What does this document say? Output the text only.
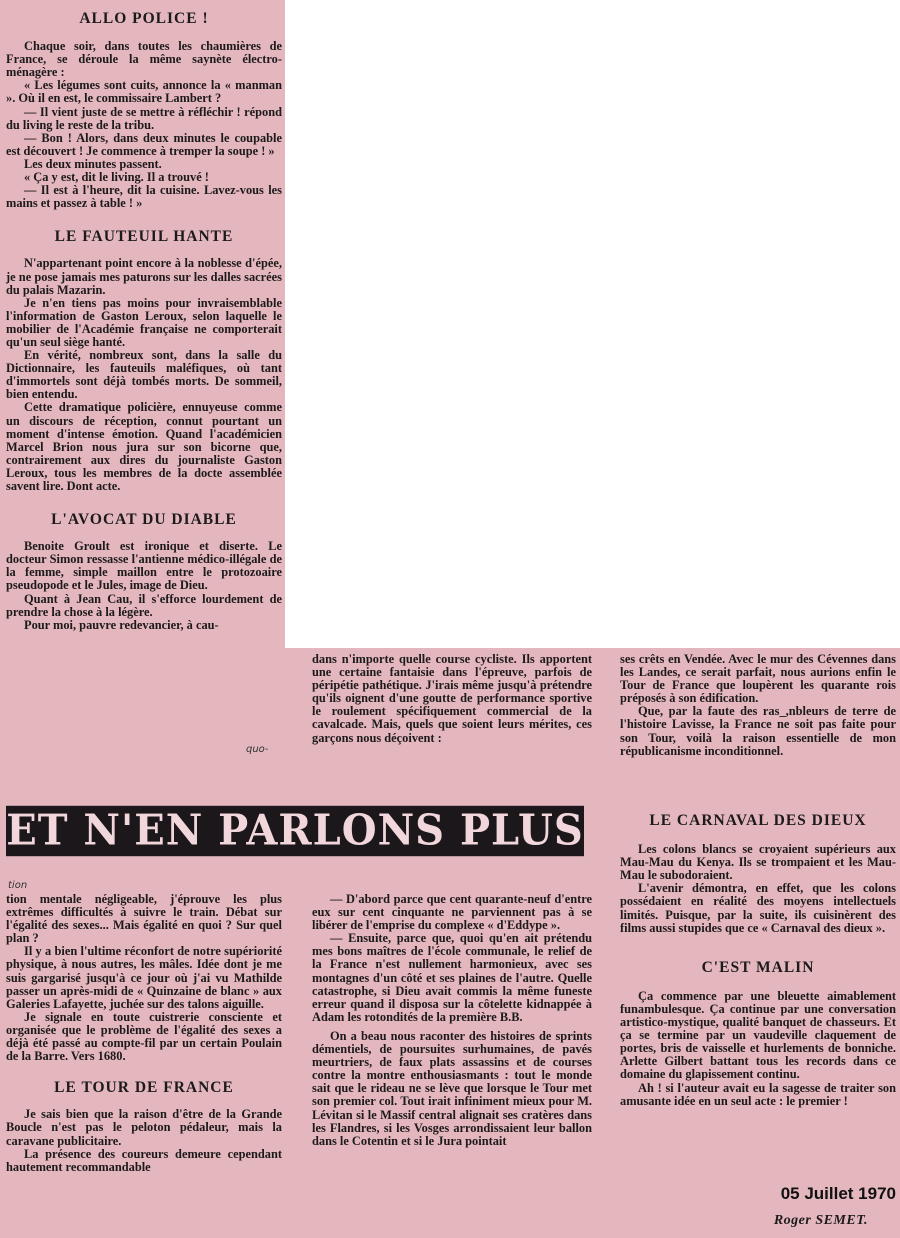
ALLO POLICE !

Chaque soir, dans toutes les chaumières de France, se déroule la même saynète électro-ménagère :

« Les légumes sont cuits, annonce la « manman ». Où il en est, le commissaire Lambert ?

— Il vient juste de se mettre à réfléchir ! répond du living le reste de la tribu.

— Bon ! Alors, dans deux minutes le coupable est découvert ! Je commence à tremper la soupe ! »

Les deux minutes passent.

« Ça y est, dit le living. Il a trouvé !

— Il est à l'heure, dit la cuisine. Lavez-vous les mains et passez à table ! »

LE FAUTEUIL HANTE

N'appartenant point encore à la noblesse d'épée, je ne pose jamais mes paturons sur les dalles sacrées du palais Mazarin.

Je n'en tiens pas moins pour invraisemblable l'information de Gaston Leroux, selon laquelle le mobilier de l'Académie française ne comporterait qu'un seul siège hanté.

En vérité, nombreux sont, dans la salle du Dictionnaire, les fauteuils maléfiques, où tant d'immortels sont déjà tombés morts. De sommeil, bien entendu.

Cette dramatique policière, ennuyeuse comme un discours de réception, connut pourtant un moment d'intense émotion. Quand l'académicien Marcel Brion nous jura sur son bicorne que, contrairement aux dires du journaliste Gaston Leroux, tous les membres de la docte assemblée savent lire. Dont acte.

L'AVOCAT DU DIABLE

Benoite Groult est ironique et diserte. Le docteur Simon ressasse l'antienne médico-illégale de la femme, simple maillon entre le protozoaire pseudopode et le Jules, image de Dieu.

Quant à Jean Cau, il s'efforce lourdement de prendre la chose à la légère.

Pour moi, pauvre redevancier, à cau-

quo-

dans n'importe quelle course cycliste. Ils apportent une certaine fantaisie dans l'épreuve, parfois de péripétie pathétique. J'irais même jusqu'à prétendre qu'ils oignent d'une goutte de performance sportive le roulement spécifiquement commercial de la cavalcade. Mais, quels que soient leurs mérites, ces garçons nous déçoivent :

ses crêts en Vendée. Avec le mur des Cévennes dans les Landes, ce serait parfait, nous aurions enfin le Tour de France que loupèrent les quarante rois préposés à son édification.

Que, par la faute des ras_,nbleurs de terre de l'histoire Lavisse, la France ne soit pas faite pour son Tour, voilà la raison essentielle de mon républicanisme inconditionnel.

ET N'EN PARLONS PLUS
tion

tion mentale négligeable, j'éprouve les plus extrêmes difficultés à suivre le train. Débat sur l'égalité des sexes... Mais égalité en quoi ? Sur quel plan ?

Il y a bien l'ultime réconfort de notre supériorité physique, à nous autres, les mâles. Idée dont je me suis gargarisé jusqu'à ce jour où j'ai vu Mathilde passer un après-midi de « Quinzaine de blanc » aux Galeries Lafayette, juchée sur des talons aiguille.

Je signale en toute cuistrerie consciente et organisée que le problème de l'égalité des sexes a déjà été passé au compte-fil par un certain Poulain de la Barre. Vers 1680.

LE TOUR DE FRANCE

Je sais bien que la raison d'être de la Grande Boucle n'est pas le peloton pédaleur, mais la caravane publicitaire.

La présence des coureurs demeure cependant hautement recommandable

— D'abord parce que cent quarante-neuf d'entre eux sur cent cinquante ne parviennent pas à se libérer de l'emprise du complexe « d'Eddype ».

— Ensuite, parce que, quoi qu'en ait prétendu mes bons maîtres de l'école communale, le relief de la France n'est nullement harmonieux, avec ses montagnes d'un côté et ses plaines de l'autre. Quelle catastrophe, si Dieu avait commis la même funeste erreur quand il disposa sur la côtelette kidnappée à Adam les rotondités de la première B.B.

On a beau nous raconter des histoires de sprints démentiels, de poursuites surhumaines, de pavés meurtriers, de faux plats assassins et de courses contre la montre enthousiasmants : tout le monde sait que le rideau ne se lève que lorsque le Tour met son premier col. Tout irait infiniment mieux pour M. Lévitan si le Massif central alignait ses cratères dans les Flandres, si les Vosges arrondissaient leur ballon dans le Cotentin et si le Jura pointait

LE CARNAVAL DES DIEUX

Les colons blancs se croyaient supérieurs aux Mau-Mau du Kenya. Ils se trompaient et les Mau-Mau le subodoraient.

L'avenir démontra, en effet, que les colons possédaient en réalité des moyens intellectuels limités. Puisque, par la suite, ils cuisinèrent des films aussi stupides que ce « Carnaval des dieux ».

C'EST MALIN

Ça commence par une bleuette aimablement funambulesque. Ça continue par une conversation artistico-mystique, qualité banquet de chasseurs. Et ça se termine par un vaudeville claquement de portes, bris de vaisselle et hurlements de bonniche. Arlette Gilbert battant tous les records dans ce domaine du glapissement continu.

Ah ! si l'auteur avait eu la sagesse de traiter son amusante idée en un seul acte : le premier !

05 Juillet 1970
Roger SEMET.
